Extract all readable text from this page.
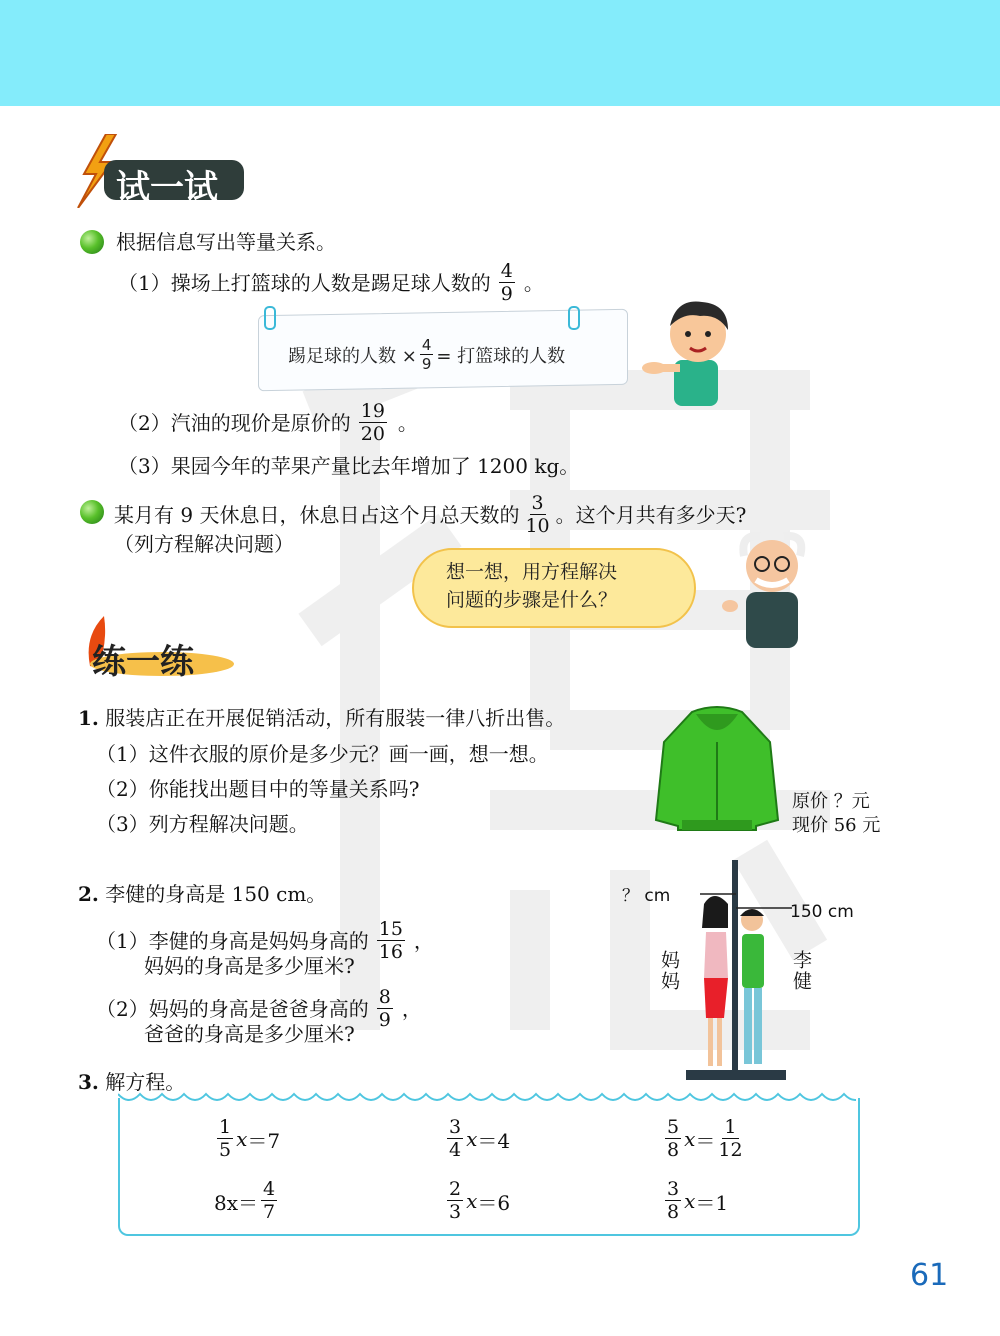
试一试
根据信息写出等量关系。
（1）操场上打篮球的人数是踢足球人数的 $\frac{4}{9}$ 。
踢足球的人数 × $\frac{4}{9}$ = 打篮球的人数
（2）汽油的现价是原价的 $\frac{19}{20}$ 。
（3）果园今年的苹果产量比去年增加了 1200 kg。
某月有 9 天休息日，休息日占这个月总天数的 $\frac{3}{10}$ 。这个月共有多少天?
（列方程解决问题）
想一想，用方程解决
问题的步骤是什么？
练一练
1. 服装店正在开展促销活动，所有服装一律八折出售。
（1）这件衣服的原价是多少元？画一画，想一想。
（2）你能找出题目中的等量关系吗?
（3）列方程解决问题。
原价 ？元
现价 56 元
2. 李健的身高是 150 cm。
（1）李健的身高是妈妈身高的 $\frac{15}{16}$ ，
妈妈的身高是多少厘米?
（2）妈妈的身高是爸爸身高的 $\frac{8}{9}$ ，
爸爸的身高是多少厘米?
？ cm
150 cm
妈妈	李健
3. 解方程。
$\frac{1}{5}$ x ＝7	$\frac{3}{4}$ x ＝4	$\frac{5}{8}$ $x = \frac{1}{12}$
$8x= \frac{4}{7}$	$\frac{2}{3}$ x ＝6	$\frac{3}{8}$ x ＝1
61
